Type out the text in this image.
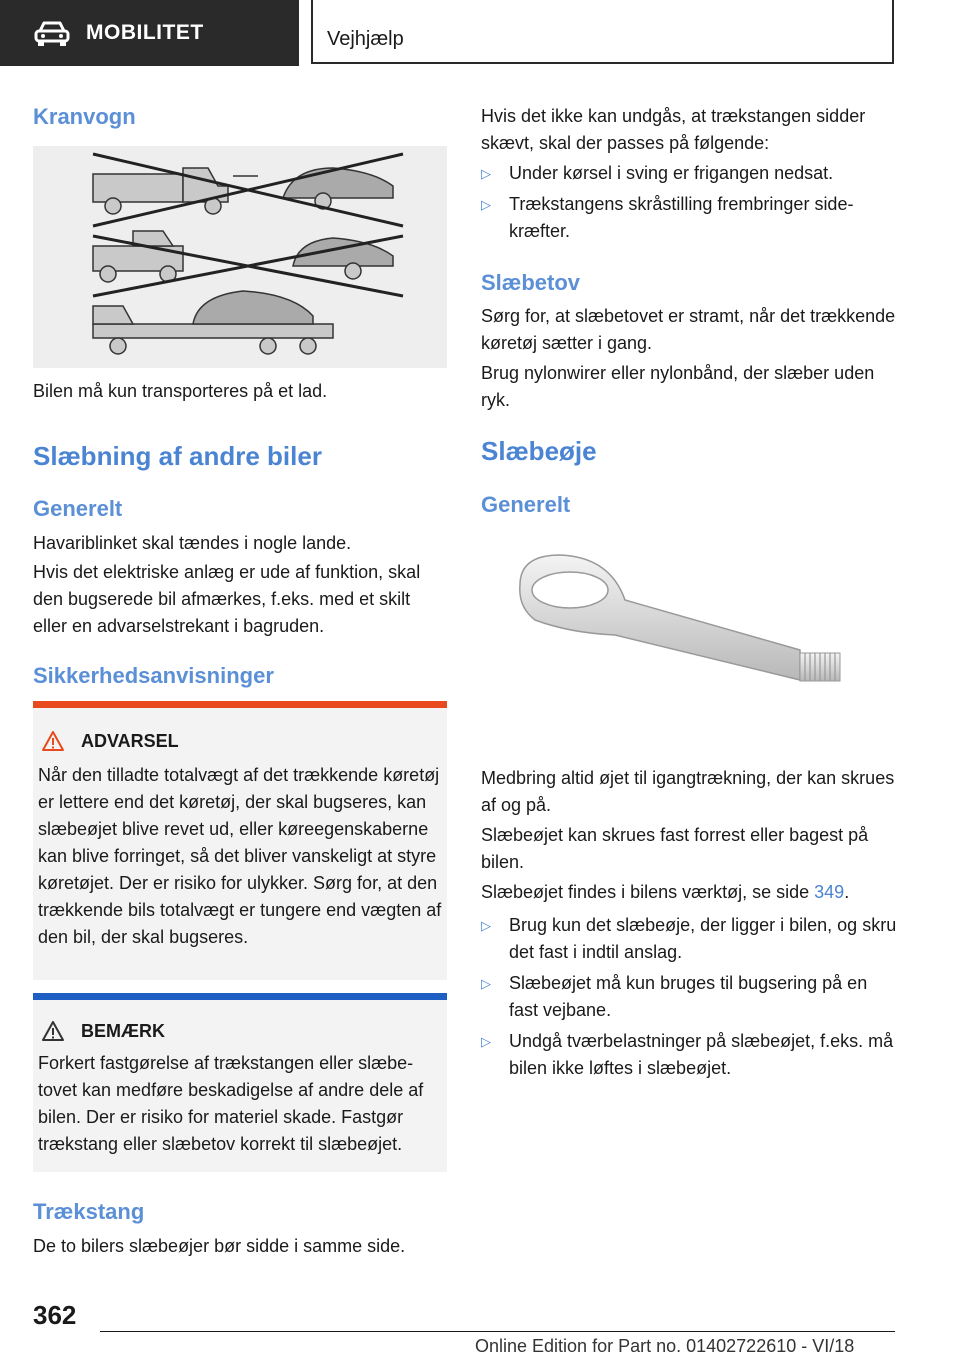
MOBILITET	Vejhjælp
Kranvogn

Bilen må kun transporteres på et lad.

Slæbning af andre biler
Generelt

Havariblinket skal tændes i nogle lande.

Hvis det elektriske anlæg er ude af funktion, skal den bugserede bil afmærkes, f.eks. med et skilt eller en advarselstrekant i bagruden.

Sikkerhedsanvisninger
ADVARSEL

Når den tilladte totalvægt af det trækkende køretøj er lettere end det køretøj, der skal bugseres, kan slæbeøjet blive revet ud, eller køreegenskaberne kan blive forringet, så det bliver vanskeligt at styre køretøjet. Der er risiko for ulykker. Sørg for, at den trækkende bils totalvægt er tungere end vægten af den bil, der skal bugseres.

BEMÆRK

Forkert fastgørelse af trækstangen eller slæbetovet kan medføre beskadigelse af andre dele af bilen. Der er risiko for materiel skade. Fastgør trækstang eller slæbetov korrekt til slæbeøjet.

Trækstang

De to bilers slæbeøjer bør sidde i samme side.

Hvis det ikke kan undgås, at trækstangen sidder skævt, skal der passes på følgende:

▷ Under kørsel i sving er frigangen nedsat.
▷ Trækstangens skråstilling frembringer sidekræfter.
Slæbetov

Sørg for, at slæbetovet er stramt, når det trækkende køretøj sætter i gang.

Brug nylonwirer eller nylonbånd, der slæber uden ryk.

Slæbeøje
Generelt

Medbring altid øjet til igangtrækning, der kan skrues af og på.

Slæbeøjet kan skrues fast forrest eller bagest på bilen.

Slæbeøjet findes i bilens værktøj, se side 349.

▷ Brug kun det slæbeøje, der ligger i bilen, og skru det fast i indtil anslag.
▷ Slæbeøjet må kun bruges til bugsering på en fast vejbane.
▷ Undgå tværbelastninger på slæbeøjet, f.eks. må bilen ikke løftes i slæbeøjet.
362
Online Edition for Part no. 01402722610 - VI/18
